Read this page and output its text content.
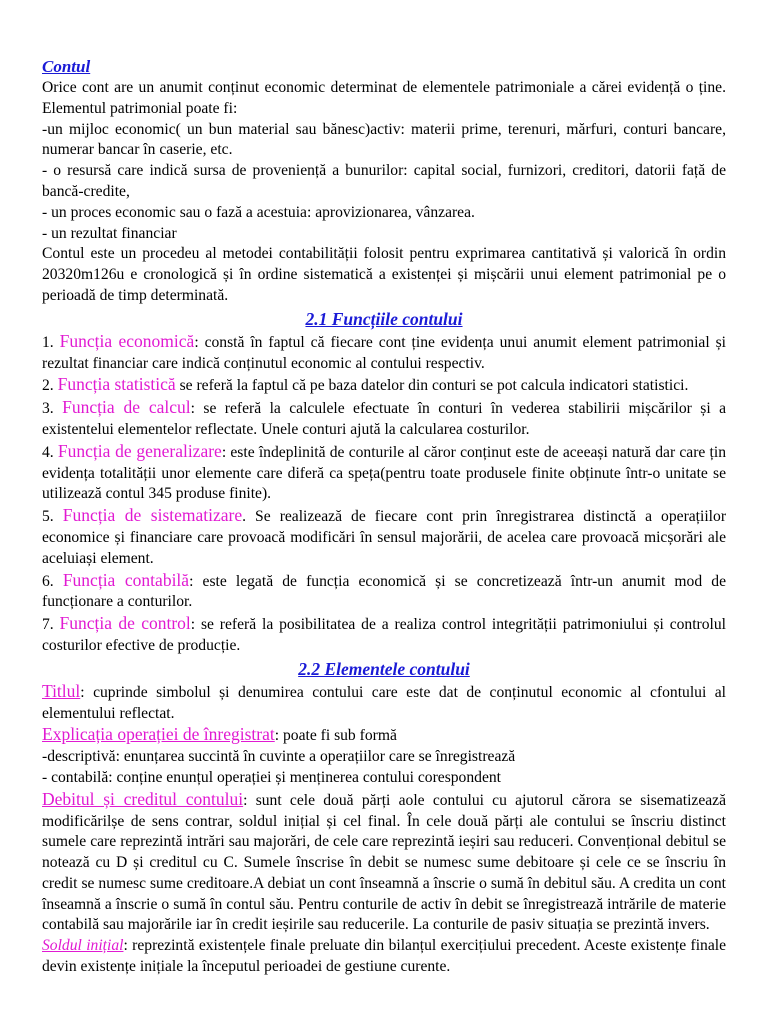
Contul

Orice cont are un anumit conținut economic determinat de elementele patrimoniale a cărei evidență o ține. Elementul patrimonial poate fi:

-un mijloc economic( un bun material sau bănesc)activ: materii prime, terenuri, mărfuri, conturi bancare, numerar bancar în caserie, etc.

- o resursă care indică sursa de proveniență a bunurilor: capital social, furnizori, creditori, datorii față de bancă-credite,

- un proces economic sau o fază a acestuia: aprovizionarea, vânzarea.

- un rezultat financiar

Contul este un procedeu al metodei contabilității folosit pentru exprimarea cantitativă și valorică în ordin 20320m126u e cronologică și în ordine sistematică a existenței și mișcării unui element patrimonial pe o perioadă de timp determinată.

2.1 Funcțiile contului

1. Funcția economică: constă în faptul că fiecare cont ține evidența unui anumit element patrimonial și rezultat financiar care indică conținutul economic al contului respectiv.

2. Funcția statistică se referă la faptul că pe baza datelor din conturi se pot calcula indicatori statistici.

3. Funcția de calcul: se referă la calculele efectuate în conturi în vederea stabilirii mișcărilor și a existentelui elementelor reflectate. Unele conturi ajută la calcularea costurilor.

4. Funcția de generalizare: este îndeplinită de conturile al căror conținut este de aceeași natură dar care țin evidența totalității unor elemente care diferă ca speța(pentru toate produsele finite obținute într-o unitate se utilizează contul 345 produse finite).

5. Funcția de sistematizare. Se realizează de fiecare cont prin înregistrarea distinctă a operațiilor economice și financiare care provoacă modificări în sensul majorării, de acelea care provoacă micșorări ale aceluiași element.

6. Funcția contabilă: este legată de funcția economică și se concretizează într-un anumit mod de funcționare a conturilor.

7. Funcția de control: se referă la posibilitatea de a realiza control integrității patrimoniului și controlul costurilor efective de producție.

2.2 Elementele contului

Titlul: cuprinde simbolul și denumirea contului care este dat de conținutul economic al cfontului al elementului reflectat.

Explicația operației de înregistrat: poate fi sub formă

-descriptivă: enunțarea succintă în cuvinte a operațiilor care se înregistrează

- contabilă: conține enunțul operației și menținerea contului corespondent

Debitul și creditul contului: sunt cele două părți aole contului cu ajutorul cărora se sisematizează modificărilșe de sens contrar, soldul inițial și cel final. În cele două părți ale contului se înscriu distinct sumele care reprezintă intrări sau majorări, de cele care reprezintă ieșiri sau reduceri. Convențional debitul se notează cu D și creditul cu C. Sumele înscrise în debit se numesc sume debitoare și cele ce se înscriu în credit se numesc sume creditoare.A debiat un cont înseamnă a înscrie o sumă în debitul său. A credita un cont înseamnă a înscrie o sumă în contul său. Pentru conturile de activ în debit se înregistrează intrările de materie contabilă sau majorările iar în credit ieșirile sau reducerile. La conturile de pasiv situația se prezintă invers.

Soldul inițial: reprezintă existențele finale preluate din bilanțul exercițiului precedent. Aceste existențe finale devin existențe inițiale la începutul perioadei de gestiune curente.
